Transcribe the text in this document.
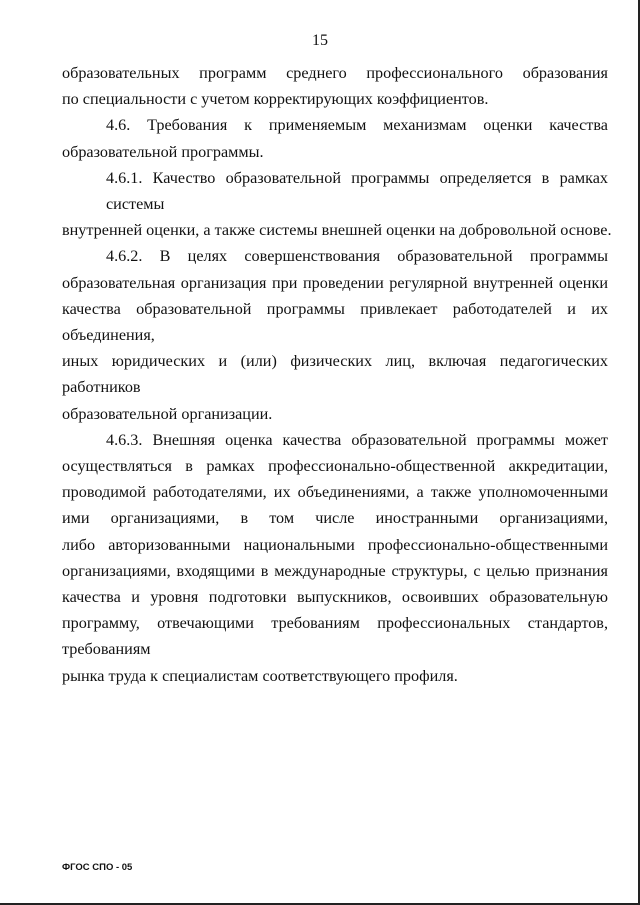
15
образовательных программ среднего профессионального образования
по специальности с учетом корректирующих коэффициентов.
4.6. Требования к применяемым механизмам оценки качества
образовательной программы.
4.6.1. Качество образовательной программы определяется в рамках системы
внутренней оценки, а также системы внешней оценки на добровольной основе.
4.6.2. В целях совершенствования образовательной программы
образовательная организация при проведении регулярной внутренней оценки
качества образовательной программы привлекает работодателей и их объединения,
иных юридических и (или) физических лиц, включая педагогических работников
образовательной организации.
4.6.3. Внешняя оценка качества образовательной программы может
осуществляться в рамках профессионально-общественной аккредитации,
проводимой работодателями, их объединениями, а также уполномоченными
ими организациями, в том числе иностранными организациями,
либо авторизованными национальными профессионально-общественными
организациями, входящими в международные структуры, с целью признания
качества и уровня подготовки выпускников, освоивших образовательную
программу, отвечающими требованиям профессиональных стандартов, требованиям
рынка труда к специалистам соответствующего профиля.
ФГОС СПО - 05
